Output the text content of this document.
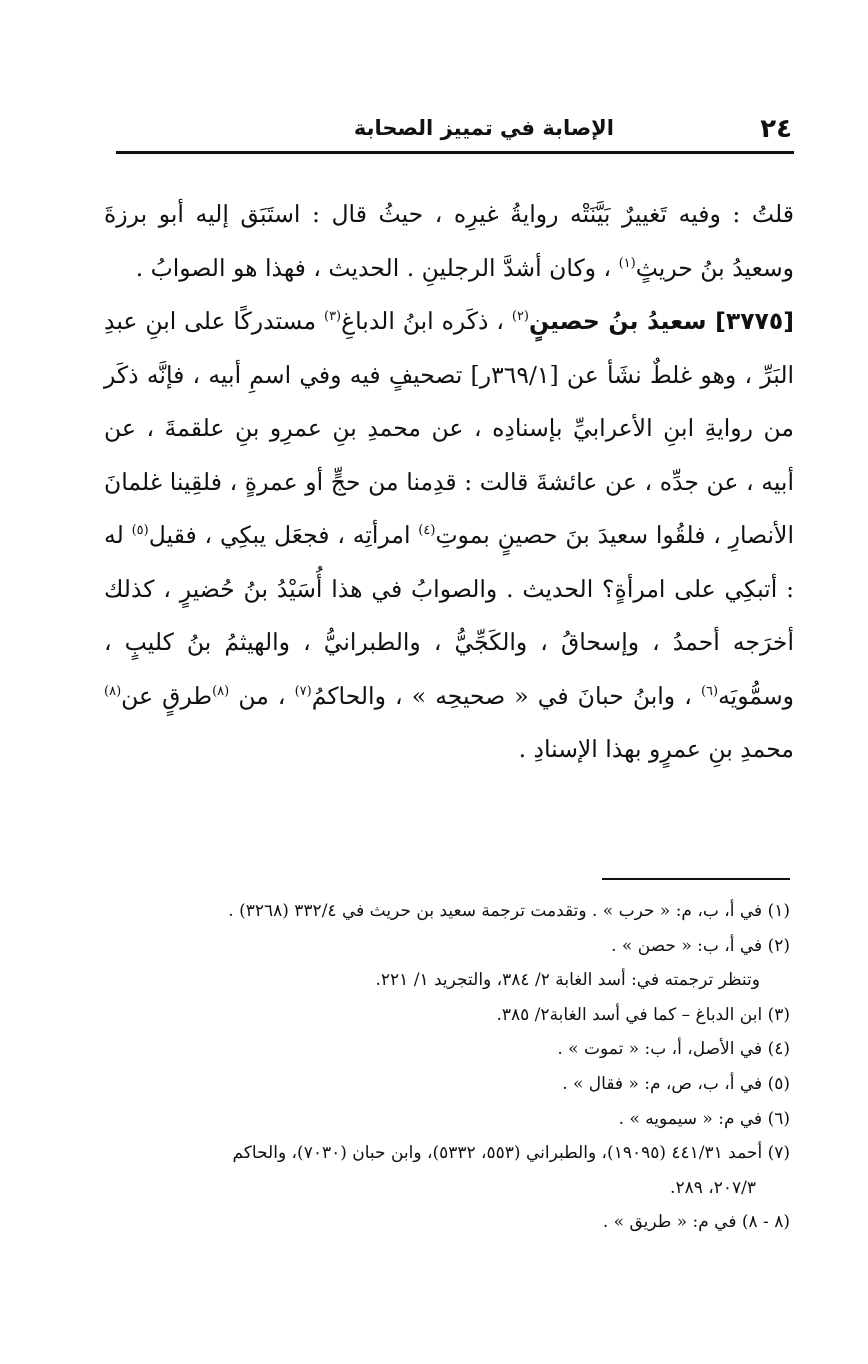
٢٤
الإصابة في تمييز الصحابة

قلتُ : وفيه تَغييرٌ بَيَّنَتْه روايةُ غيرِه ، حيثُ قال : استَبَق إليه أبو برزةَ وسعيدُ بنُ حريثٍ$^{(١)}$ ، وكان أشدَّ الرجلينِ . الحديث ، فهذا هو الصوابُ .

[٣٧٧٥] سعيدُ بنُ حصينٍ$^{(٢)}$ ، ذكَره ابنُ الدباغِ$^{(٣)}$ مستدركًا على ابنِ عبدِ البَرِّ ، وهو غلطٌ نشَأ عن [٣٦٩/١ر] تصحيفٍ فيه وفي اسمِ أبيه ، فإنَّه ذكَر من روايةِ ابنِ الأعرابيِّ بإسنادِه ، عن محمدِ بنِ عمرِو بنِ علقمةَ ، عن أبيه ، عن جدِّه ، عن عائشةَ قالت : قدِمنا من حجٍّ أو عمرةٍ ، فلقِينا غلمانَ الأنصارِ ، فلقُوا سعيدَ بنَ حصينٍ بموتِ$^{(٤)}$ امرأتِه ، فجعَل يبكِي ، فقيل$^{(٥)}$ له : أتبكِي على امرأةٍ؟ الحديث . والصوابُ في هذا أُسَيْدُ بنُ حُضيرٍ ، كذلك أخرَجه أحمدُ ، وإسحاقُ ، والكَجِّيُّ ، والطبرانيُّ ، والهيثمُ بنُ كليبٍ ، وسمُّويَه$^{(٦)}$ ، وابنُ حبانَ في « صحيحِه » ، والحاكمُ$^{(٧)}$ ، من $^{(٨)}$طرقٍ عن$^{(٨)}$ محمدِ بنِ عمرٍو بهذا الإسنادِ .

(١) في أ، ب، م: « حرب » . وتقدمت ترجمة سعيد بن حريث في ٣٣٢/٤ (٣٢٦٨) .

(٢) في أ، ب: « حصن » .

وتنظر ترجمته في: أسد الغابة ٢/ ٣٨٤، والتجريد ١/ ٢٢١.

(٣) ابن الدباغ – كما في أسد الغابة٢/ ٣٨٥.

(٤) في الأصل، أ، ب: « تموت » .

(٥) في أ، ب، ص، م: « فقال » .

(٦) في م: « سيمويه » .

(٧) أحمد ٤٤١/٣١ (١٩٠٩٥)، والطبراني (٥٥٣، ٥٣٣٢)، وابن حبان (٧٠٣٠)، والحاكم

٢٠٧/٣، ٢٨٩.

(٨ - ٨) في م: « طريق » .
